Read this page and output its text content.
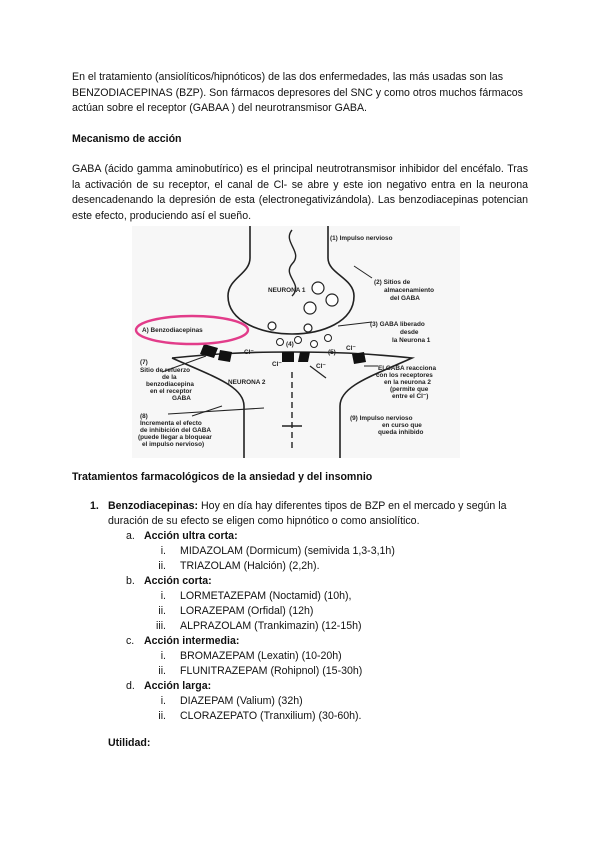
En el tratamiento (ansiolíticos/hipnóticos) de las dos enfermedades, las más usadas son las BENZODIACEPINAS (BZP). Son fármacos depresores del SNC y como otros muchos fármacos actúan sobre el receptor (GABAA ) del neurotransmisor GABA.

Mecanismo de acción

GABA (ácido gamma aminobutírico) es el principal neutrotransmisor inhibidor del encéfalo. Tras la activación de su receptor, el canal de Cl- se abre y este ion negativo entra en la neurona desencadenando la depresión de esta (electronegativizándola). Las benzodiacepinas potencian este efecto, produciendo así el sueño.

(1) Impulso nervioso
NEURONA 1
(2) Sitios de
almacenamiento
del GABA
A) Benzodiacepinas
(3) GABA liberado
desde
la Neurona 1
Cl⁻
Cl⁻	Cl⁻
Cl⁻
(4)
(5)
(7)
Sitio de refuerzo
de la
benzodiacepina
en el receptor
GABA
NEURONA 2
El GABA reacciona
con los receptores
en la neurona 2
(permite que
entre el Cl⁻)
(8)
Incrementa el efecto
de inhibición del GABA
(puede llegar a bloquear
el impulso nervioso)
(9) Impulso nervioso
en curso que
queda inhibido
Tratamientos farmacológicos de la ansiedad y del insomnio
1. Benzodiacepinas: Hoy en día hay diferentes tipos de BZP en el mercado y según la duración de su efecto se eligen como hipnótico o como ansiolítico.
a. Acción ultra corta:
i. MIDAZOLAM (Dormicum) (semivida 1,3-3,1h)
ii. TRIAZOLAM (Halción) (2,2h).
b. Acción corta:
i. LORMETAZEPAM (Noctamid) (10h),
ii. LORAZEPAM (Orfidal) (12h)
iii. ALPRAZOLAM (Trankimazin) (12-15h)
c. Acción intermedia:
i. BROMAZEPAM (Lexatin) (10-20h)
ii. FLUNITRAZEPAM (Rohipnol) (15-30h)
d. Acción larga:
i. DIAZEPAM (Valium) (32h)
ii. CLORAZEPATO (Tranxilium) (30-60h).
Utilidad:
